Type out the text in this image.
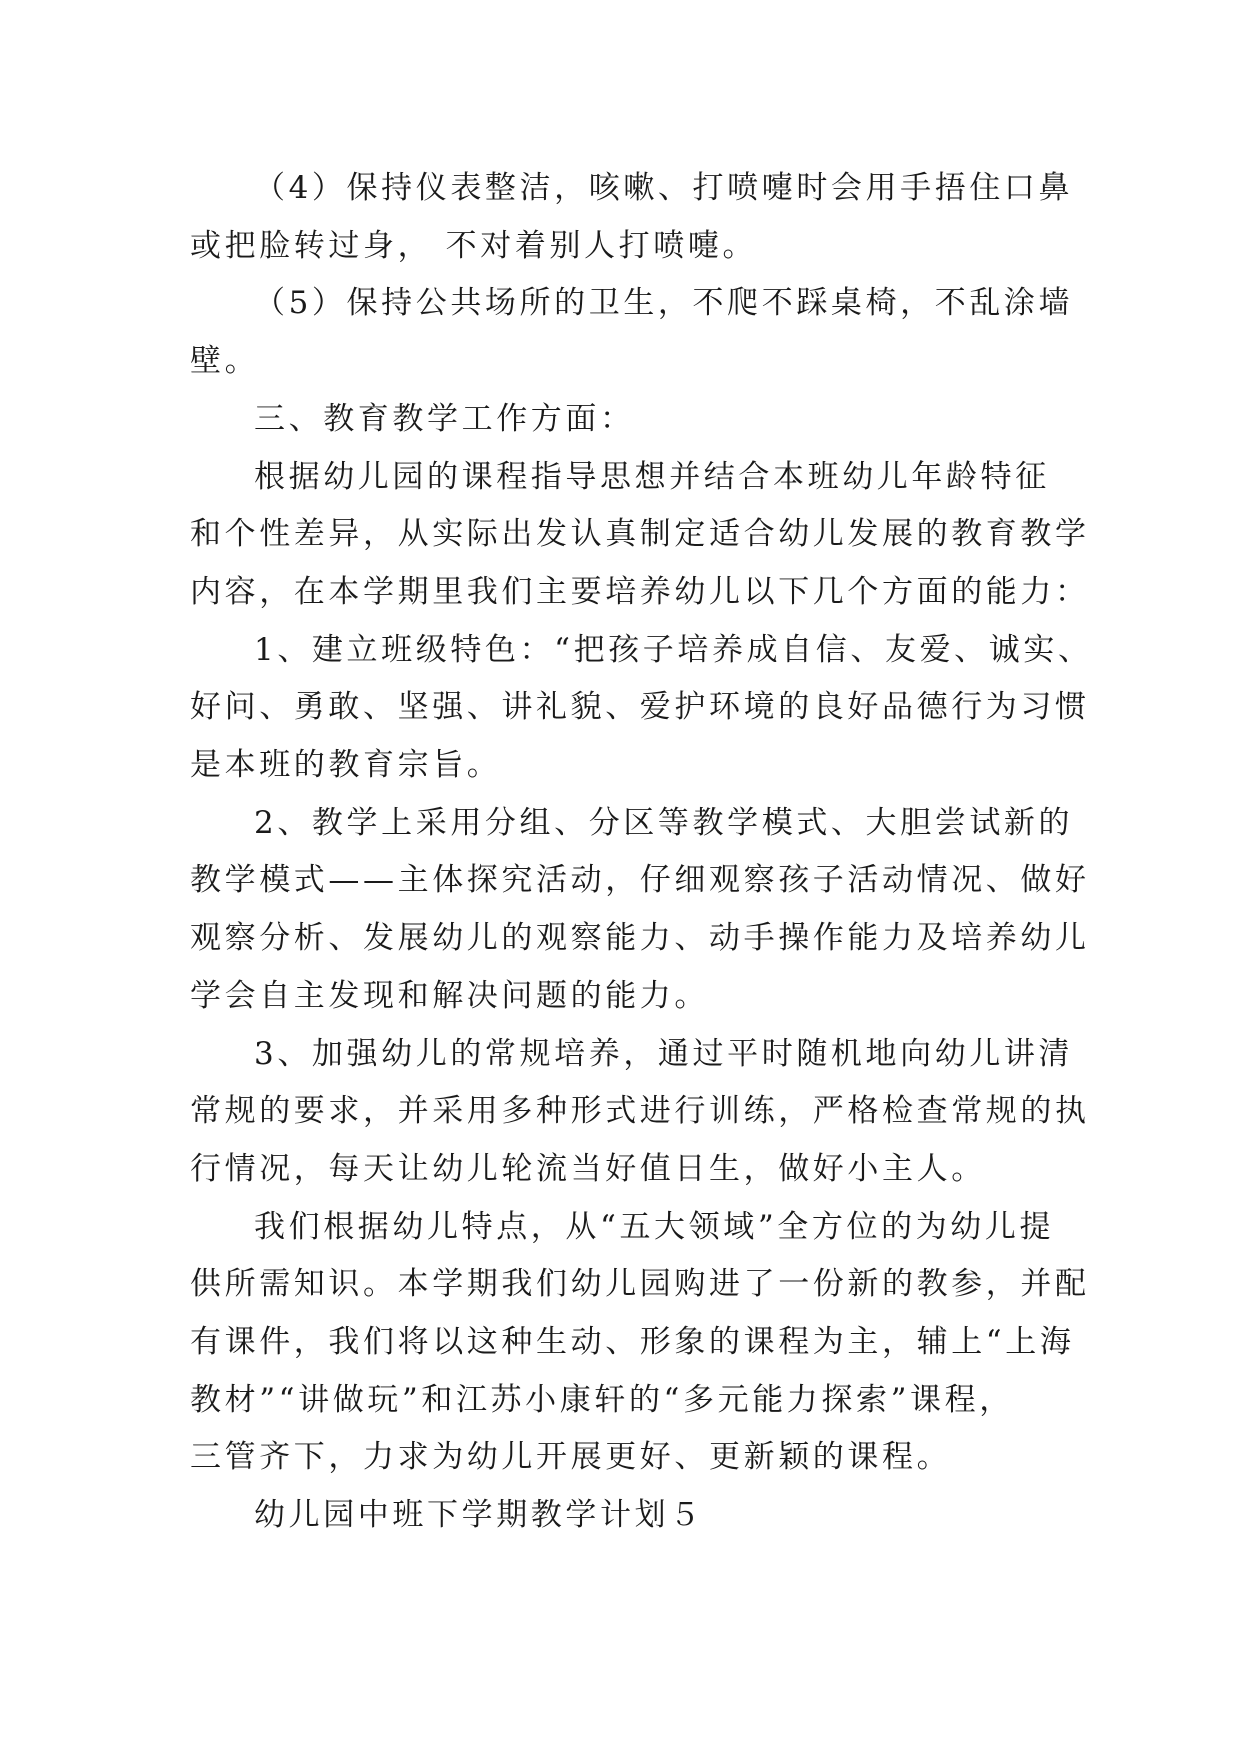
（4）保持仪表整洁，咳嗽、打喷嚏时会用手捂住口鼻
或把脸转过身， 不对着别人打喷嚏。

（5）保持公共场所的卫生，不爬不踩桌椅，不乱涂墙
壁。

三、教育教学工作方面：

根据幼儿园的课程指导思想并结合本班幼儿年龄特征
和个性差异，从实际出发认真制定适合幼儿发展的教育教学
内容，在本学期里我们主要培养幼儿以下几个方面的能力：

1、建立班级特色：“把孩子培养成自信、友爱、诚实、
好问、勇敢、坚强、讲礼貌、爱护环境的良好品德行为习惯
是本班的教育宗旨。

2、教学上采用分组、分区等教学模式、大胆尝试新的
教学模式——主体探究活动，仔细观察孩子活动情况、做好
观察分析、发展幼儿的观察能力、动手操作能力及培养幼儿
学会自主发现和解决问题的能力。

3、加强幼儿的常规培养，通过平时随机地向幼儿讲清
常规的要求，并采用多种形式进行训练，严格检查常规的执
行情况，每天让幼儿轮流当好值日生，做好小主人。

我们根据幼儿特点，从“五大领域”全方位的为幼儿提
供所需知识。本学期我们幼儿园购进了一份新的教参，并配
有课件，我们将以这种生动、形象的课程为主，辅上“上海
教材”“讲做玩”和江苏小康轩的“多元能力探索”课程，
三管齐下，力求为幼儿开展更好、更新颖的课程。

幼儿园中班下学期教学计划５
